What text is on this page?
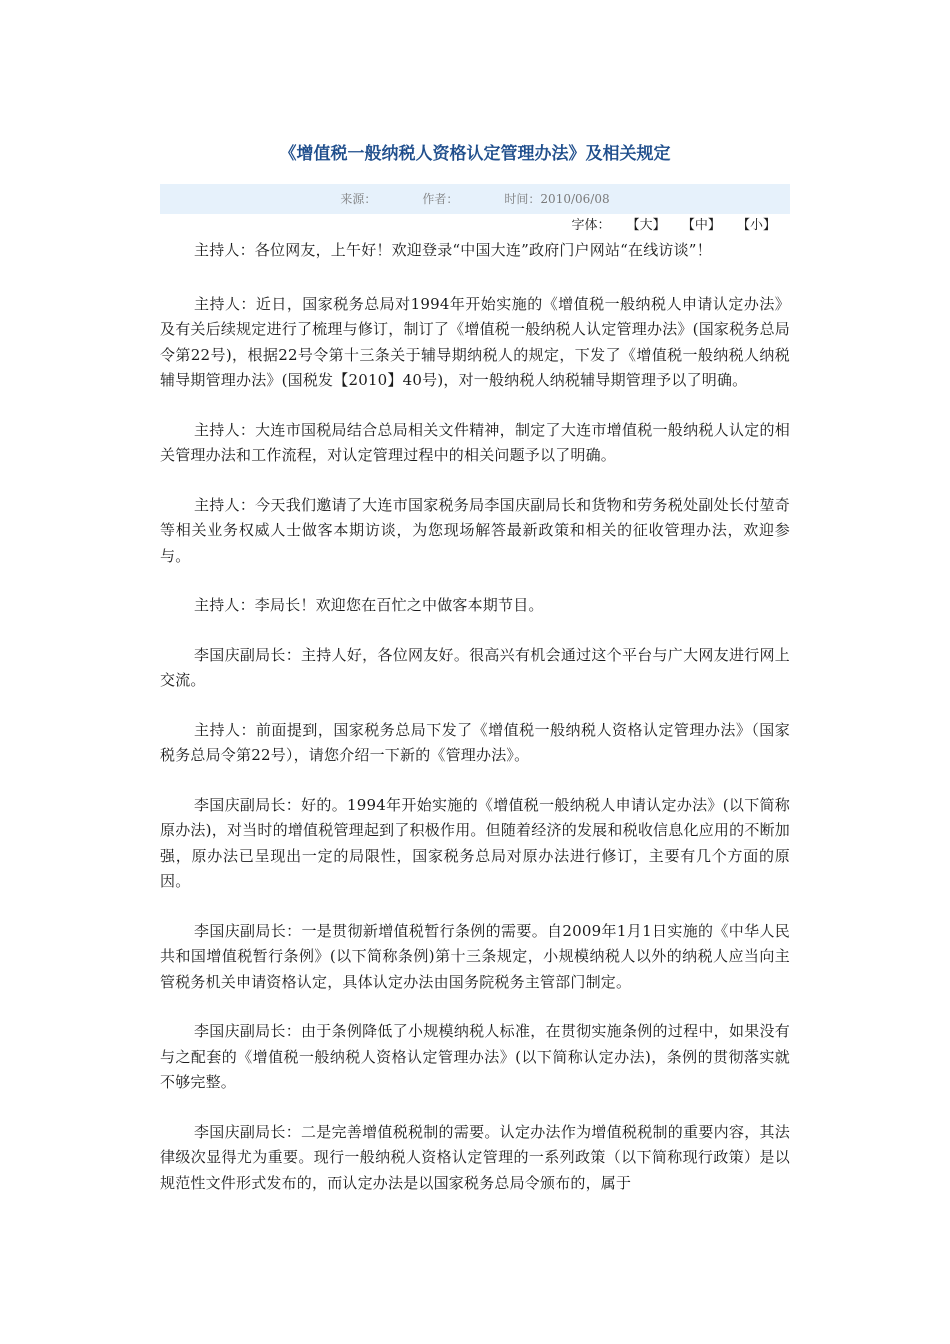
《增值税一般纳税人资格认定管理办法》及相关规定
来源：	作者：	时间：2010/06/08
字体： 【大】 【中】 【小】

主持人：各位网友，上午好！欢迎登录“中国大连”政府门户网站“在线访谈”！

主持人：近日，国家税务总局对1994年开始实施的《增值税一般纳税人申请认定办法》及有关后续规定进行了梳理与修订，制订了《增值税一般纳税人认定管理办法》(国家税务总局令第22号)，根据22号令第十三条关于辅导期纳税人的规定，下发了《增值税一般纳税人纳税辅导期管理办法》(国税发【2010】40号)，对一般纳税人纳税辅导期管理予以了明确。

主持人：大连市国税局结合总局相关文件精神，制定了大连市增值税一般纳税人认定的相关管理办法和工作流程，对认定管理过程中的相关问题予以了明确。

主持人：今天我们邀请了大连市国家税务局李国庆副局长和货物和劳务税处副处长付堃奇等相关业务权威人士做客本期访谈，为您现场解答最新政策和相关的征收管理办法，欢迎参与。

主持人：李局长！欢迎您在百忙之中做客本期节目。

李国庆副局长：主持人好，各位网友好。很高兴有机会通过这个平台与广大网友进行网上交流。

主持人：前面提到，国家税务总局下发了《增值税一般纳税人资格认定管理办法》（国家税务总局令第22号），请您介绍一下新的《管理办法》。

李国庆副局长：好的。1994年开始实施的《增值税一般纳税人申请认定办法》(以下简称原办法)，对当时的增值税管理起到了积极作用。但随着经济的发展和税收信息化应用的不断加强，原办法已呈现出一定的局限性，国家税务总局对原办法进行修订，主要有几个方面的原因。

李国庆副局长：一是贯彻新增值税暂行条例的需要。自2009年1月1日实施的《中华人民共和国增值税暂行条例》(以下简称条例)第十三条规定，小规模纳税人以外的纳税人应当向主管税务机关申请资格认定，具体认定办法由国务院税务主管部门制定。

李国庆副局长：由于条例降低了小规模纳税人标准，在贯彻实施条例的过程中，如果没有与之配套的《增值税一般纳税人资格认定管理办法》(以下简称认定办法)，条例的贯彻落实就不够完整。

李国庆副局长：二是完善增值税税制的需要。认定办法作为增值税税制的重要内容，其法律级次显得尤为重要。现行一般纳税人资格认定管理的一系列政策（以下简称现行政策）是以规范性文件形式发布的，而认定办法是以国家税务总局令颁布的，属于
